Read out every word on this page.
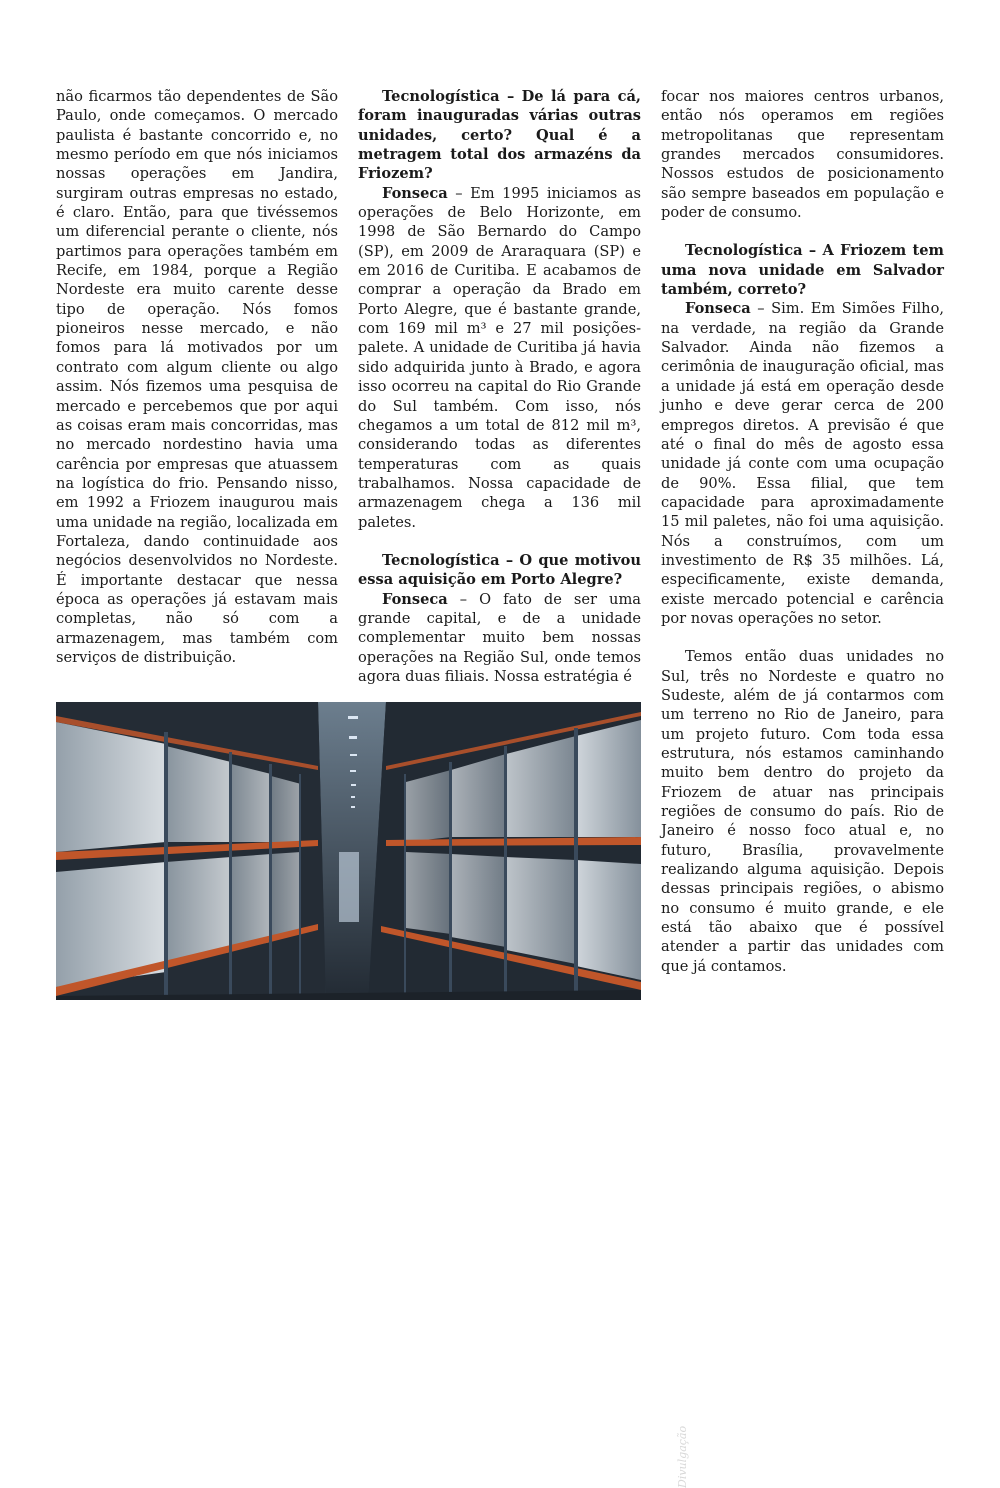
não ficarmos tão dependentes de São Paulo, onde começamos. O mercado paulista é bastante concorrido e, no mesmo período em que nós iniciamos nossas operações em Jandira, surgiram outras empresas no estado, é claro. Então, para que tivéssemos um diferencial perante o cliente, nós partimos para operações também em Recife, em 1984, porque a Região Nordeste era muito carente desse tipo de operação. Nós fomos pioneiros nesse mercado, e não fomos para lá motivados por um contrato com algum cliente ou algo assim. Nós fizemos uma pesquisa de mercado e percebemos que por aqui as coisas eram mais concorridas, mas no mercado nordestino havia uma carência por empresas que atuassem na logística do frio. Pensando nisso, em 1992 a Friozem inaugurou mais uma unidade na região, localizada em Fortaleza, dando continuidade aos negócios desenvolvidos no Nordeste. É importante destacar que nessa época as operações já estavam mais completas, não só com a armazenagem, mas também com serviços de distribuição.

Tecnologística – De lá para cá, foram inauguradas várias outras unidades, certo? Qual é a metragem total dos armazéns da Friozem?

Fonseca – Em 1995 iniciamos as operações de Belo Horizonte, em 1998 de São Bernardo do Campo (SP), em 2009 de Araraquara (SP) e em 2016 de Curitiba. E acabamos de comprar a operação da Brado em Porto Alegre, que é bastante grande, com 169 mil m³ e 27 mil posições-palete. A unidade de Curitiba já havia sido adquirida junto à Brado, e agora isso ocorreu na capital do Rio Grande do Sul também. Com isso, nós chegamos a um total de 812 mil m³, considerando todas as diferentes temperaturas com as quais trabalhamos. Nossa capacidade de armazenagem chega a 136 mil paletes.

Tecnologística – O que motivou essa aquisição em Porto Alegre?

Fonseca – O fato de ser uma grande capital, e de a unidade complementar muito bem nossas operações na Região Sul, onde temos agora duas filiais. Nossa estratégia é

focar nos maiores centros urbanos, então nós operamos em regiões metropolitanas que representam grandes mercados consumidores. Nossos estudos de posicionamento são sempre baseados em população e poder de consumo.

Tecnologística – A Friozem tem uma nova unidade em Salvador também, correto?

Fonseca – Sim. Em Simões Filho, na verdade, na região da Grande Salvador. Ainda não fizemos a cerimônia de inauguração oficial, mas a unidade já está em operação desde junho e deve gerar cerca de 200 empregos diretos. A previsão é que até o final do mês de agosto essa unidade já conte com uma ocupação de 90%. Essa filial, que tem capacidade para aproximadamente 15 mil paletes, não foi uma aquisição. Nós a construímos, com um investimento de R$ 35 milhões. Lá, especificamente, existe demanda, existe mercado potencial e carência por novas operações no setor.

Temos então duas unidades no Sul, três no Nordeste e quatro no Sudeste, além de já contarmos com um terreno no Rio de Janeiro, para um projeto futuro. Com toda essa estrutura, nós estamos caminhando muito bem dentro do projeto da Friozem de atuar nas principais regiões de consumo do país. Rio de Janeiro é nosso foco atual e, no futuro, Brasília, provavelmente realizando alguma aquisição. Depois dessas principais regiões, o abismo no consumo é muito grande, e ele está tão abaixo que é possível atender a partir das unidades com que já contamos.

Divulgação
